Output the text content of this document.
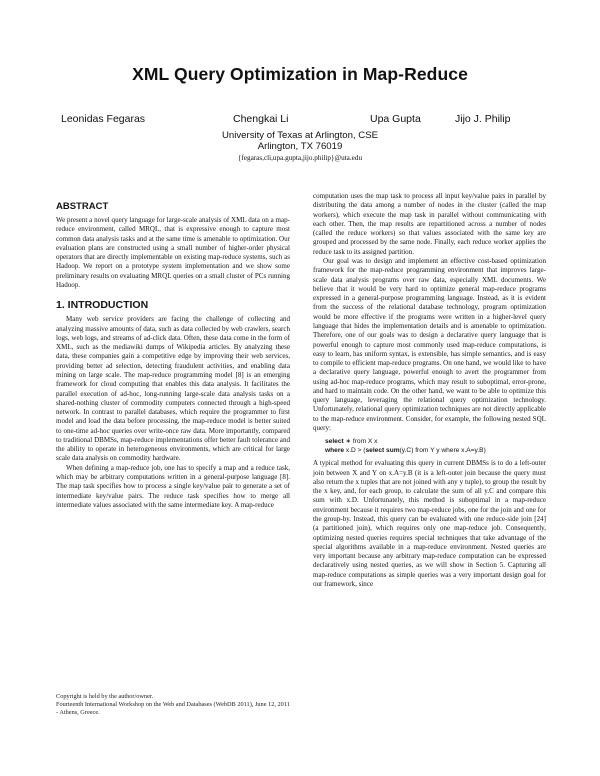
XML Query Optimization in Map-Reduce
Leonidas Fegaras	Chengkai Li	Upa Gupta	Jijo J. Philip
University of Texas at Arlington, CSE
Arlington, TX 76019
{fegaras,cli,upa.gupta,jijo.philip}@uta.edu
ABSTRACT

We present a novel query language for large-scale analysis of XML data on a map-reduce environment, called MRQL, that is expressive enough to capture most common data analysis tasks and at the same time is amenable to optimization. Our evaluation plans are constructed using a small number of higher-order physical operators that are directly implementable on existing map-reduce systems, such as Hadoop. We report on a prototype system implementation and we show some preliminary results on evaluating MRQL queries on a small cluster of PCs running Hadoop.

1. INTRODUCTION

Many web service providers are facing the challenge of collecting and analyzing massive amounts of data, such as data collected by web crawlers, search logs, web logs, and streams of ad-click data. Often, these data come in the form of XML, such as the mediawiki dumps of Wikipedia articles. By analyzing these data, these companies gain a competitive edge by improving their web services, providing better ad selection, detecting fraudulent activities, and enabling data mining on large scale. The map-reduce programming model [8] is an emerging framework for cloud computing that enables this data analysis. It facilitates the parallel execution of ad-hoc, long-running large-scale data analysis tasks on a shared-nothing cluster of commodity computers connected through a high-speed network. In contrast to parallel databases, which require the programmer to first model and load the data before processing, the map-reduce model is better suited to one-time ad-hoc queries over write-once raw data. More importantly, compared to traditional DBMSs, map-reduce implementations offer better fault tolerance and the ability to operate in heterogeneous environments, which are critical for large scale data analysis on commodity hardware.

When defining a map-reduce job, one has to specify a map and a reduce task, which may be arbitrary computations written in a general-purpose language [8]. The map task specifies how to process a single key/value pair to generate a set of intermediate key/value pairs. The reduce task specifies how to merge all intermediate values associated with the same intermediate key. A map-reduce

computation uses the map task to process all input key/value pairs in parallel by distributing the data among a number of nodes in the cluster (called the map workers), which execute the map task in parallel without communicating with each other. Then, the map results are repartitioned across a number of nodes (called the reduce workers) so that values associated with the same key are grouped and processed by the same node. Finally, each reduce worker applies the reduce task to its assigned partition.

Our goal was to design and implement an effective cost-based optimization framework for the map-reduce programming environment that improves large-scale data analysis programs over raw data, especially XML documents. We believe that it would be very hard to optimize general map-reduce programs expressed in a general-purpose programming language. Instead, as it is evident from the success of the relational database technology, program optimization would be more effective if the programs were written in a higher-level query language that hides the implementation details and is amenable to optimization. Therefore, one of our goals was to design a declarative query language that is powerful enough to capture most commonly used map-reduce computations, is easy to learn, has uniform syntax, is extensible, has simple semantics, and is easy to compile to efficient map-reduce programs. On one hand, we would like to have a declarative query language, powerful enough to avert the programmer from using ad-hoc map-reduce programs, which may result to suboptimal, error-prone, and hard to maintain code. On the other hand, we want to be able to optimize this query language, leveraging the relational query optimization technology. Unfortunately, relational query optimization techniques are not directly applicable to the map-reduce environment. Consider, for example, the following nested SQL query:

select ∗ from X x
where x.D > (select sum(y.C) from Y y where x.A=y.B)

A typical method for evaluating this query in current DBMSs is to do a left-outer join between X and Y on x.A=y.B (it is a left-outer join because the query must also return the x tuples that are not joined with any y tuple), to group the result by the x key, and, for each group, to calculate the sum of all y.C and compare this sum with x.D. Unfortunately, this method is suboptimal in a map-reduce environment because it requires two map-reduce jobs, one for the join and one for the group-by. Instead, this query can be evaluated with one reduce-side join [24] (a partitioned join), which requires only one map-reduce job. Consequently, optimizing nested queries requires special techniques that take advantage of the special algorithms available in a map-reduce environment. Nested queries are very important because any arbitrary map-reduce computation can be expressed declaratively using nested queries, as we will show in Section 5. Capturing all map-reduce computations as simple queries was a very important design goal for our framework, since

Copyright is held by the author/owner.
Fourteenth International Workshop on the Web and Databases (WebDB 2011), June 12, 2011 - Athens, Greece.
